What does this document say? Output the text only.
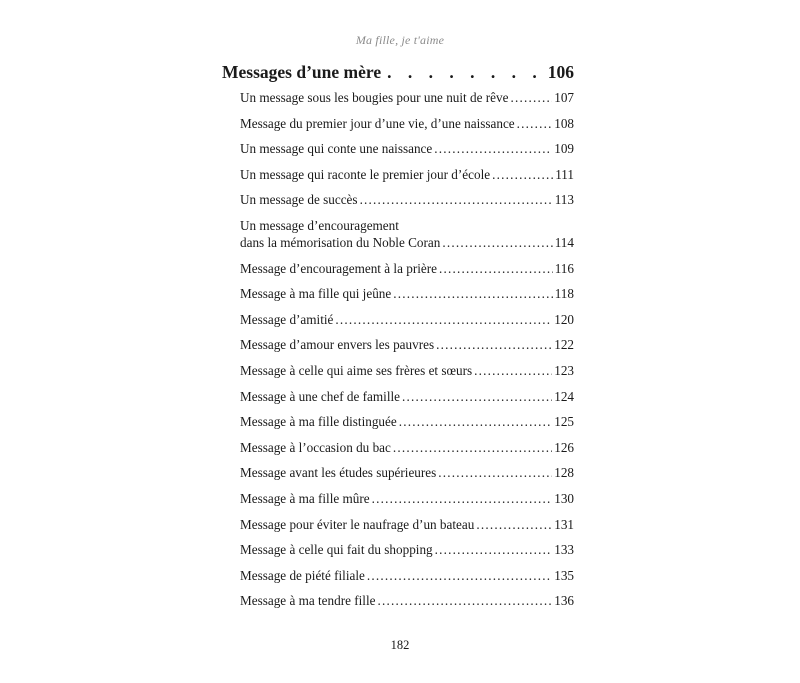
Ma fille, je t'aime
Messages d’une mère . . .	106
Un message sous les bougies pour une nuit de rêve .....	107
Message du premier jour d’une vie, d’une naissance .....	108
Un message qui conte une naissance .....	109
Un message qui raconte le premier jour d’école .....	111
Un message de succès .....	113
Un message d’encouragement
dans la mémorisation du Noble Coran .....	114
Message d’encouragement à la prière .....	116
Message à ma fille qui jeûne .....	118
Message d’amitié .....	120
Message d’amour envers les pauvres .....	122
Message à celle qui aime ses frères et sœurs .....	123
Message à une chef de famille .....	124
Message à ma fille distinguée .....	125
Message à l’occasion du bac .....	126
Message avant les études supérieures .....	128
Message à ma fille mûre .....	130
Message pour éviter le naufrage d’un bateau .....	131
Message à celle qui fait du shopping .....	133
Message de piété filiale .....	135
Message à ma tendre fille .....	136
182
